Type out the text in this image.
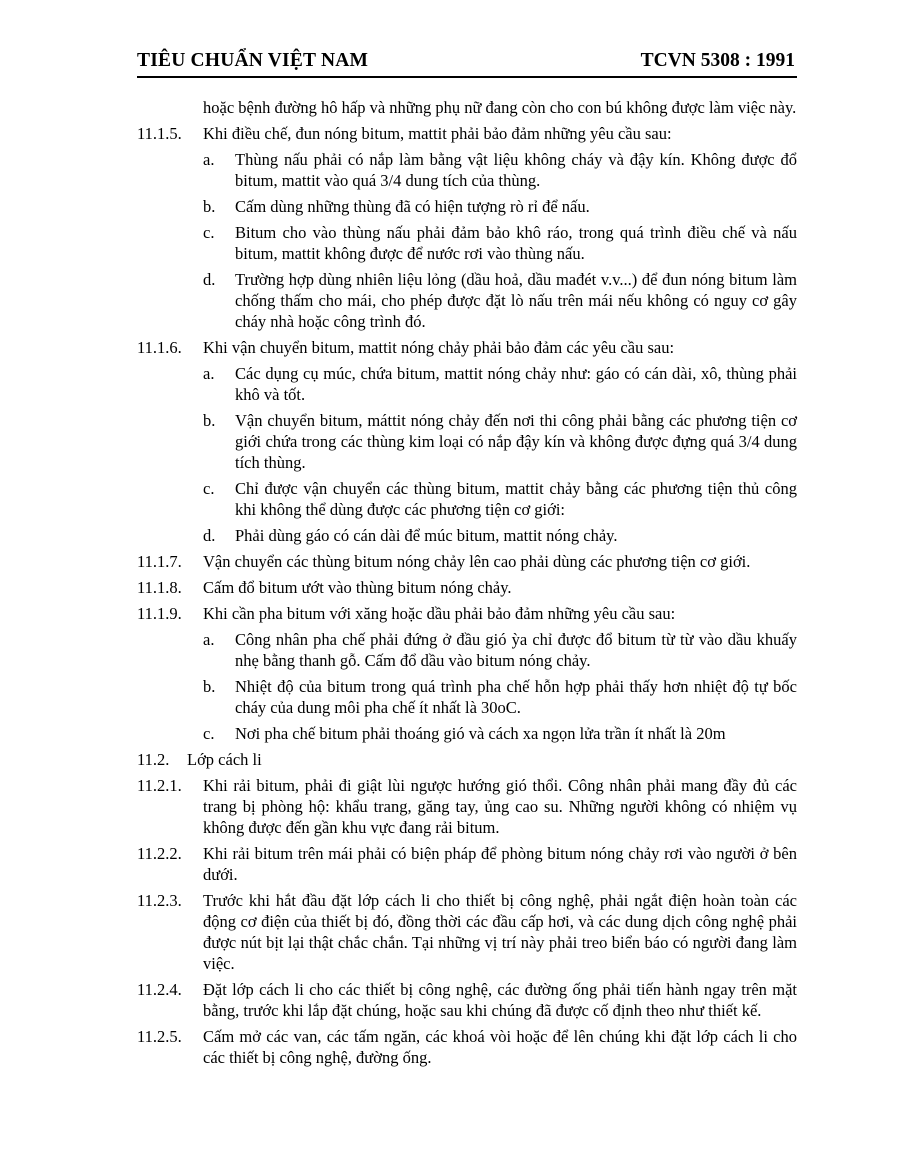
TIÊU CHUẨN VIỆT NAM	TCVN 5308 : 1991
hoặc bệnh đường hô hấp và những phụ nữ đang còn cho con bú không được làm việc này.
11.1.5.	Khi điều chế, đun nóng bitum, mattit phải bảo đảm những yêu cầu sau:
a.	Thùng nấu phải có nắp làm bằng vật liệu không cháy và đậy kín. Không được đổ bitum, mattit vào quá 3/4 dung tích của thùng.
b.	Cấm dùng những thùng đã có hiện tượng rò rỉ để nấu.
c.	Bitum cho vào thùng nấu phải đảm bảo khô ráo, trong quá trình điều chế và nấu bitum, mattit không được để nước rơi vào thùng nấu.
d.	Trường hợp dùng nhiên liệu lỏng (dầu hoả, dầu mađét v.v...) để đun nóng bitum làm chống thấm cho mái, cho phép được đặt lò nấu trên mái nếu không có nguy cơ gây cháy nhà hoặc công trình đó.
11.1.6.	Khi vận chuyển bitum, mattit nóng chảy phải bảo đảm các yêu cầu sau:
a.	Các dụng cụ múc, chứa bitum, mattit nóng chảy như: gáo có cán dài, xô, thùng phải khô và tốt.
b.	Vận chuyển bitum, máttit nóng chảy đến nơi thi công phải bằng các phương tiện cơ giới chứa trong các thùng kim loại có nắp đậy kín và không được đựng quá 3/4 dung tích thùng.
c.	Chỉ được vận chuyển các thùng bitum, mattit chảy bằng các phương tiện thủ công khi không thể dùng được các phương tiện cơ giới:
d.	Phải dùng gáo có cán dài để múc bitum, mattit nóng chảy.
11.1.7.	Vận chuyển các thùng bitum nóng chảy lên cao phải dùng các phương tiện cơ giới.
11.1.8.	Cấm đổ bitum ướt vào thùng bitum nóng chảy.
11.1.9.	Khi cần pha bitum với xăng hoặc dầu phải bảo đảm những yêu cầu sau:
a.	Công nhân pha chế phải đứng ở đầu gió ỳa chỉ được đổ bitum từ từ vào dầu khuấy nhẹ bằng thanh gỗ. Cấm đổ dầu vào bitum nóng chảy.
b.	Nhiệt độ của bitum trong quá trình pha chế hỗn hợp phải thấy hơn nhiệt độ tự bốc cháy của dung môi pha chế ít nhất là 30oC.
c.	Nơi pha chế bitum phải thoáng gió và cách xa ngọn lửa trần ít nhất là 20m
11.2.	Lớp cách li
11.2.1.	Khi rải bitum, phải đi giật lùi ngược hướng gió thổi. Công nhân phải mang đầy đủ các trang bị phòng hộ: khẩu trang, găng tay, ủng cao su. Những người không có nhiệm vụ không được đến gần khu vực đang rải bitum.
11.2.2.	Khi rải bitum trên mái phải có biện pháp để phòng bitum nóng chảy rơi vào người ở bên dưới.
11.2.3.	Trước khi hắt đầu đặt lớp cách li cho thiết bị công nghệ, phải ngắt điện hoàn toàn các động cơ điện của thiết bị đó, đồng thời các đầu cấp hơi, và các dung dịch công nghệ phải được nút bịt lại thật chắc chắn. Tại những vị trí này phải treo biển báo có người đang làm việc.
11.2.4.	Đặt lớp cách li cho các thiết bị công nghệ, các đường ống phải tiến hành ngay trên mặt bằng, trước khi lắp đặt chúng, hoặc sau khi chúng đã được cố định theo như thiết kế.
11.2.5.	Cấm mở các van, các tấm ngăn, các khoá vòi hoặc để lên chúng khi đặt lớp cách li cho các thiết bị công nghệ, đường ống.
